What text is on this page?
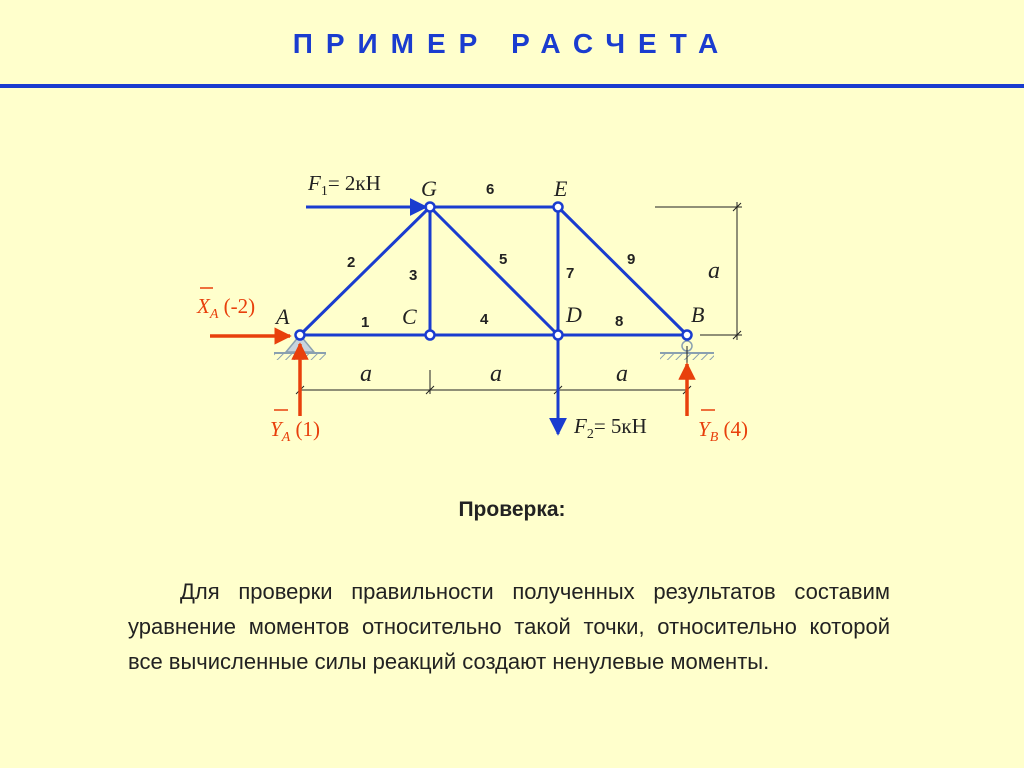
ПРИМЕР РАСЧЕТА
a	a	a
a
1
2
3
4
5
6
7
8
9
A	C
G	E
D	B
$F_1= 2кН$
$F_2= 5кН$
$X_A$ (-2)
$Y_A$ (1)	$Y_B$ (4)
Проверка:
Для проверки правильности полученных результатов составим уравнение моментов относительно такой точки, относительно которой все вычисленные силы реакций создают ненулевые моменты.
